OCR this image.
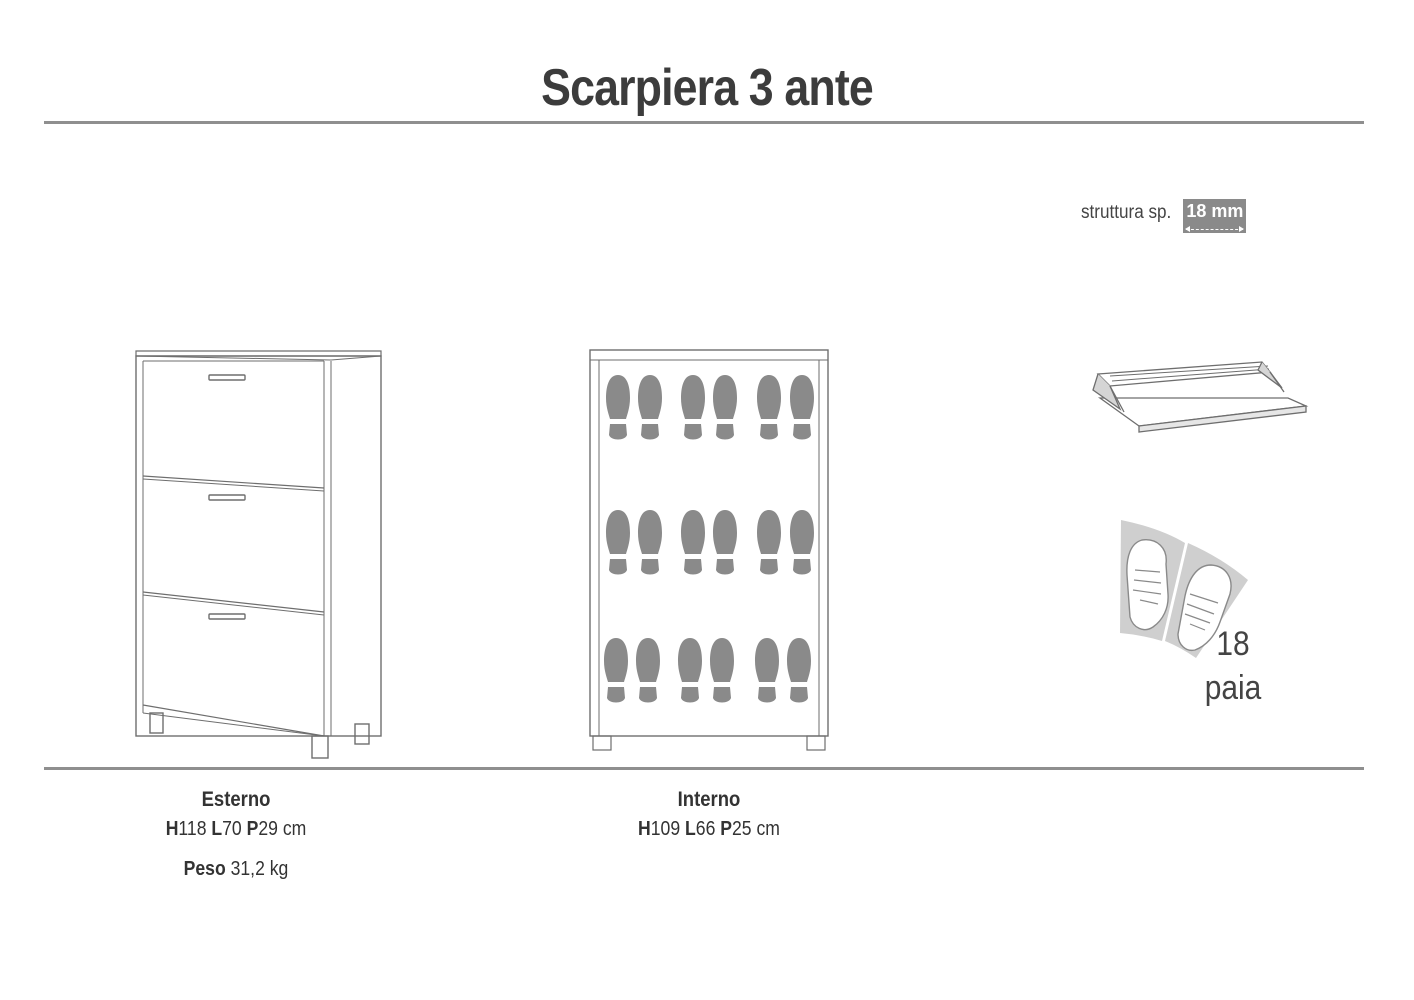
Scarpiera 3 ante
struttura sp. 18 mm
18
paia
Esterno
H118 L70 P29 cm
Peso 31,2 kg
Interno
H109 L66 P25 cm
